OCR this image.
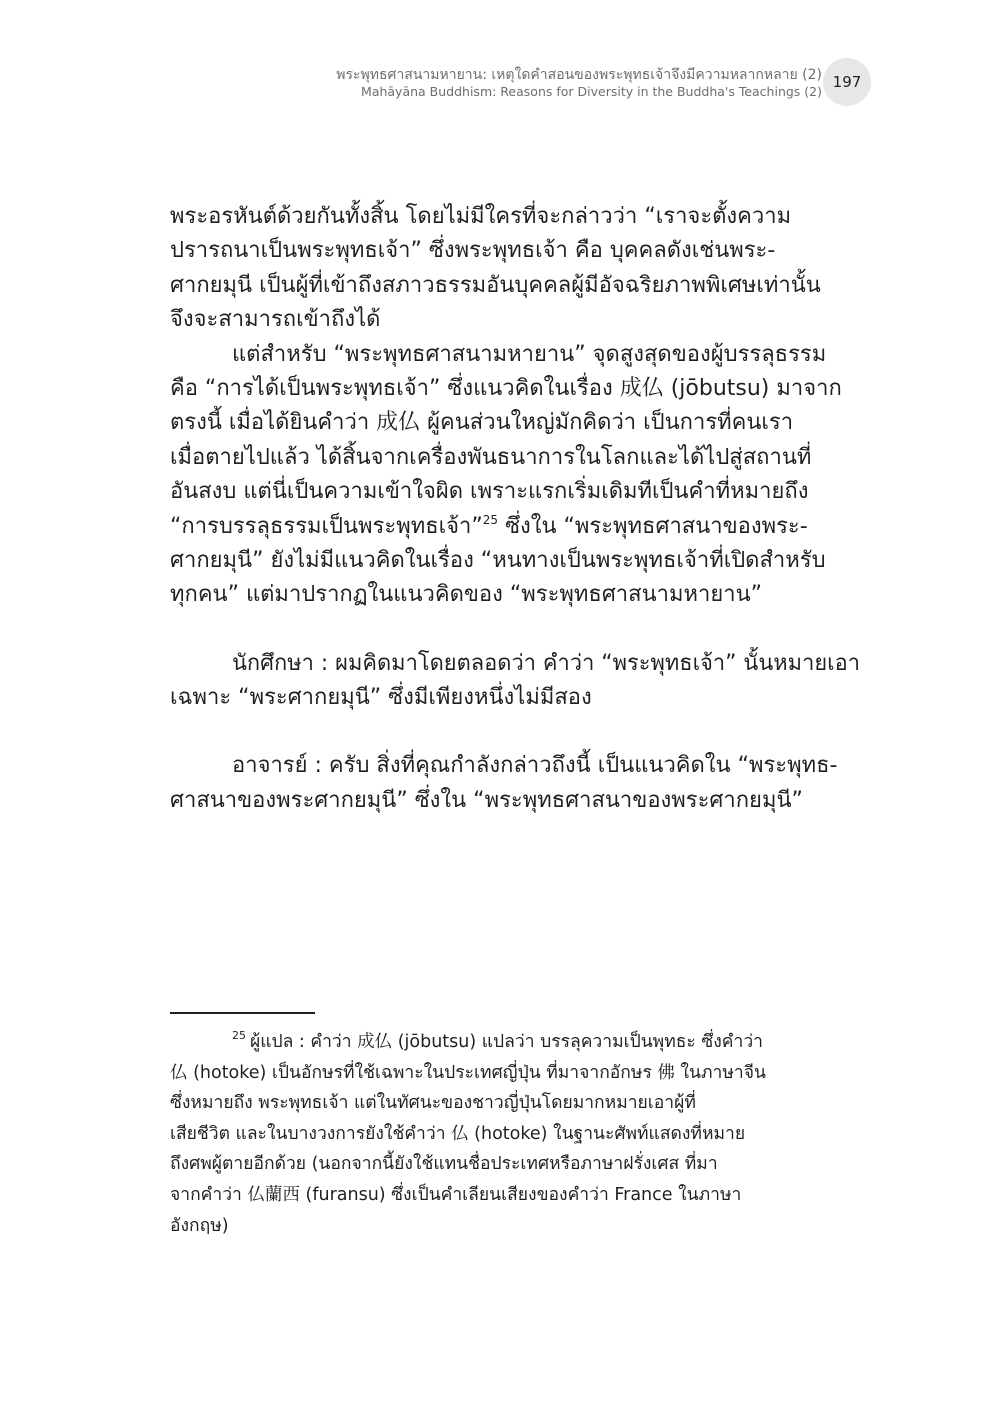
พระพุทธศาสนามหายาน: เหตุใดคำสอนของพระพุทธเจ้าจึงมีความหลากหลาย (2)
Mahāyāna Buddhism: Reasons for Diversity in the Buddha's Teachings (2)
197
พระอรหันต์ด้วยกันทั้งสิ้น โดยไม่มีใครที่จะกล่าวว่า “เราจะตั้งความ
ปรารถนาเป็นพระพุทธเจ้า” ซึ่งพระพุทธเจ้า คือ บุคคลดังเช่นพระ-
ศากยมุนี เป็นผู้ที่เข้าถึงสภาวธรรมอันบุคคลผู้มีอัจฉริยภาพพิเศษเท่านั้น
จึงจะสามารถเข้าถึงได้
แต่สำหรับ “พระพุทธศาสนามหายาน” จุดสูงสุดของผู้บรรลุธรรม
คือ “การได้เป็นพระพุทธเจ้า” ซึ่งแนวคิดในเรื่อง 成仏 (jōbutsu) มาจาก
ตรงนี้ เมื่อได้ยินคำว่า 成仏 ผู้คนส่วนใหญ่มักคิดว่า เป็นการที่คนเรา
เมื่อตายไปแล้ว ได้สิ้นจากเครื่องพันธนาการในโลกและได้ไปสู่สถานที่
อันสงบ แต่นี่เป็นความเข้าใจผิด เพราะแรกเริ่มเดิมทีเป็นคำที่หมายถึง
“การบรรลุธรรมเป็นพระพุทธเจ้า”$^{25}$ ซึ่งใน “พระพุทธศาสนาของพระ-
ศากยมุนี” ยังไม่มีแนวคิดในเรื่อง “หนทางเป็นพระพุทธเจ้าที่เปิดสำหรับ
ทุกคน” แต่มาปรากฏในแนวคิดของ “พระพุทธศาสนามหายาน”
นักศึกษา : ผมคิดมาโดยตลอดว่า คำว่า “พระพุทธเจ้า” นั้นหมายเอา
เฉพาะ “พระศากยมุนี” ซึ่งมีเพียงหนึ่งไม่มีสอง
อาจารย์ : ครับ สิ่งที่คุณกำลังกล่าวถึงนี้ เป็นแนวคิดใน “พระพุทธ-
ศาสนาของพระศากยมุนี” ซึ่งใน “พระพุทธศาสนาของพระศากยมุนี”
$^{25}$ ผู้แปล : คำว่า 成仏 (jōbutsu) แปลว่า บรรลุความเป็นพุทธะ ซึ่งคำว่า
仏 (hotoke) เป็นอักษรที่ใช้เฉพาะในประเทศญี่ปุ่น ที่มาจากอักษร 佛 ในภาษาจีน
ซึ่งหมายถึง พระพุทธเจ้า แต่ในทัศนะของชาวญี่ปุ่นโดยมากหมายเอาผู้ที่
เสียชีวิต และในบางวงการยังใช้คำว่า 仏 (hotoke) ในฐานะศัพท์แสดงที่หมาย
ถึงศพผู้ตายอีกด้วย (นอกจากนี้ยังใช้แทนชื่อประเทศหรือภาษาฝรั่งเศส ที่มา
จากคำว่า 仏蘭西 (furansu) ซึ่งเป็นคำเลียนเสียงของคำว่า France ในภาษา
อังกฤษ)
